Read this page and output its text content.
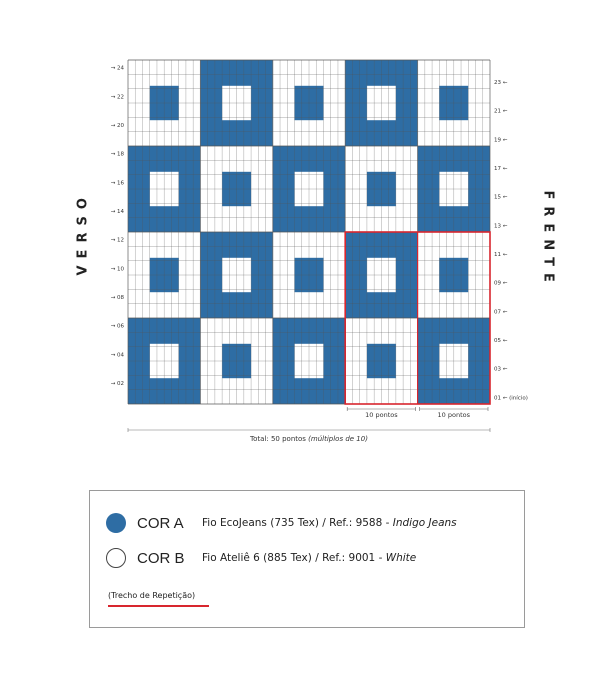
→ 02
→ 04
→ 06
→ 08
→ 10
→ 12
→ 14
→ 16
→ 18
→ 20
→ 22
→ 24
01 ← (início)
03 ←
05 ←
07 ←
09 ←
11 ←
13 ←
15 ←
17 ←
19 ←
21 ←
23 ←
10 pontos	10 pontos
Total: 50 pontos (múltiplos de 10)
VERSO	FRENTE
COR A	Fio EcoJeans (735 Tex) / Ref.: 9588 - Indigo Jeans
COR B	Fio Ateliê 6 (885 Tex) / Ref.: 9001 - White
(Trecho de Repetição)
